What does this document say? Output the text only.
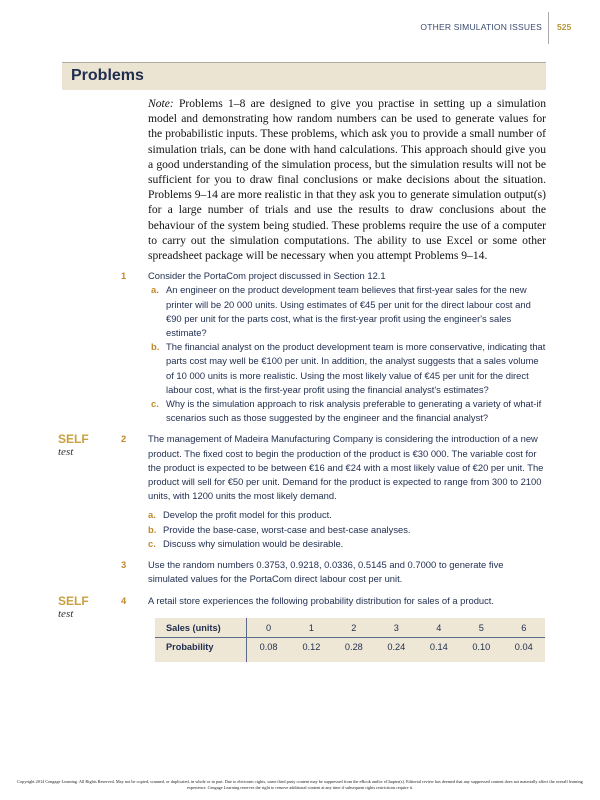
OTHER SIMULATION ISSUES 525
Problems
Note: Problems 1–8 are designed to give you practise in setting up a simulation model and demonstrating how random numbers can be used to generate values for the probabilistic inputs. These problems, which ask you to provide a small number of simulation trials, can be done with hand calculations. This approach should give you a good understanding of the simulation process, but the simulation results will not be sufficient for you to draw final conclusions or make decisions about the situation. Problems 9–14 are more realistic in that they ask you to generate simulation output(s) for a large number of trials and use the results to draw conclusions about the behaviour of the system being studied. These problems require the use of a computer to carry out the simulation computations. The ability to use Excel or some other spreadsheet package will be necessary when you attempt Problems 9–14.
1 Consider the PortaCom project discussed in Section 12.1
a. An engineer on the product development team believes that first-year sales for the new printer will be 20 000 units. Using estimates of €45 per unit for the direct labour cost and €90 per unit for the parts cost, what is the first-year profit using the engineer's sales estimate?
b. The financial analyst on the product development team is more conservative, indicating that parts cost may well be €100 per unit. In addition, the analyst suggests that a sales volume of 10 000 units is more realistic. Using the most likely value of €45 per unit for the direct labour cost, what is the first-year profit using the financial analyst's estimates?
c. Why is the simulation approach to risk analysis preferable to generating a variety of what-if scenarios such as those suggested by the engineer and the financial analyst?
SELF
test
2 The management of Madeira Manufacturing Company is considering the introduction of a new product. The fixed cost to begin the production of the product is €30 000. The variable cost for the product is expected to be between €16 and €24 with a most likely value of €20 per unit. The product will sell for €50 per unit. Demand for the product is expected to range from 300 to 2100 units, with 1200 units the most likely demand.
a. Develop the profit model for this product.
b. Provide the base-case, worst-case and best-case analyses.
c. Discuss why simulation would be desirable.
3 Use the random numbers 0.3753, 0.9218, 0.0336, 0.5145 and 0.7000 to generate five simulated values for the PortaCom direct labour cost per unit.
SELF
test
4 A retail store experiences the following probability distribution for sales of a product.
Sales (units)	0	1	2	3	4	5	6
Probability	0.08	0.12	0.28	0.24	0.14	0.10	0.04
Copyright 2014 Cengage Learning. All Rights Reserved. May not be copied, scanned, or duplicated, in whole or in part. Due to electronic rights, some third party content may be suppressed from the eBook and/or eChapter(s). Editorial review has deemed that any suppressed content does not materially affect the overall learning experience. Cengage Learning reserves the right to remove additional content at any time if subsequent rights restrictions require it.
